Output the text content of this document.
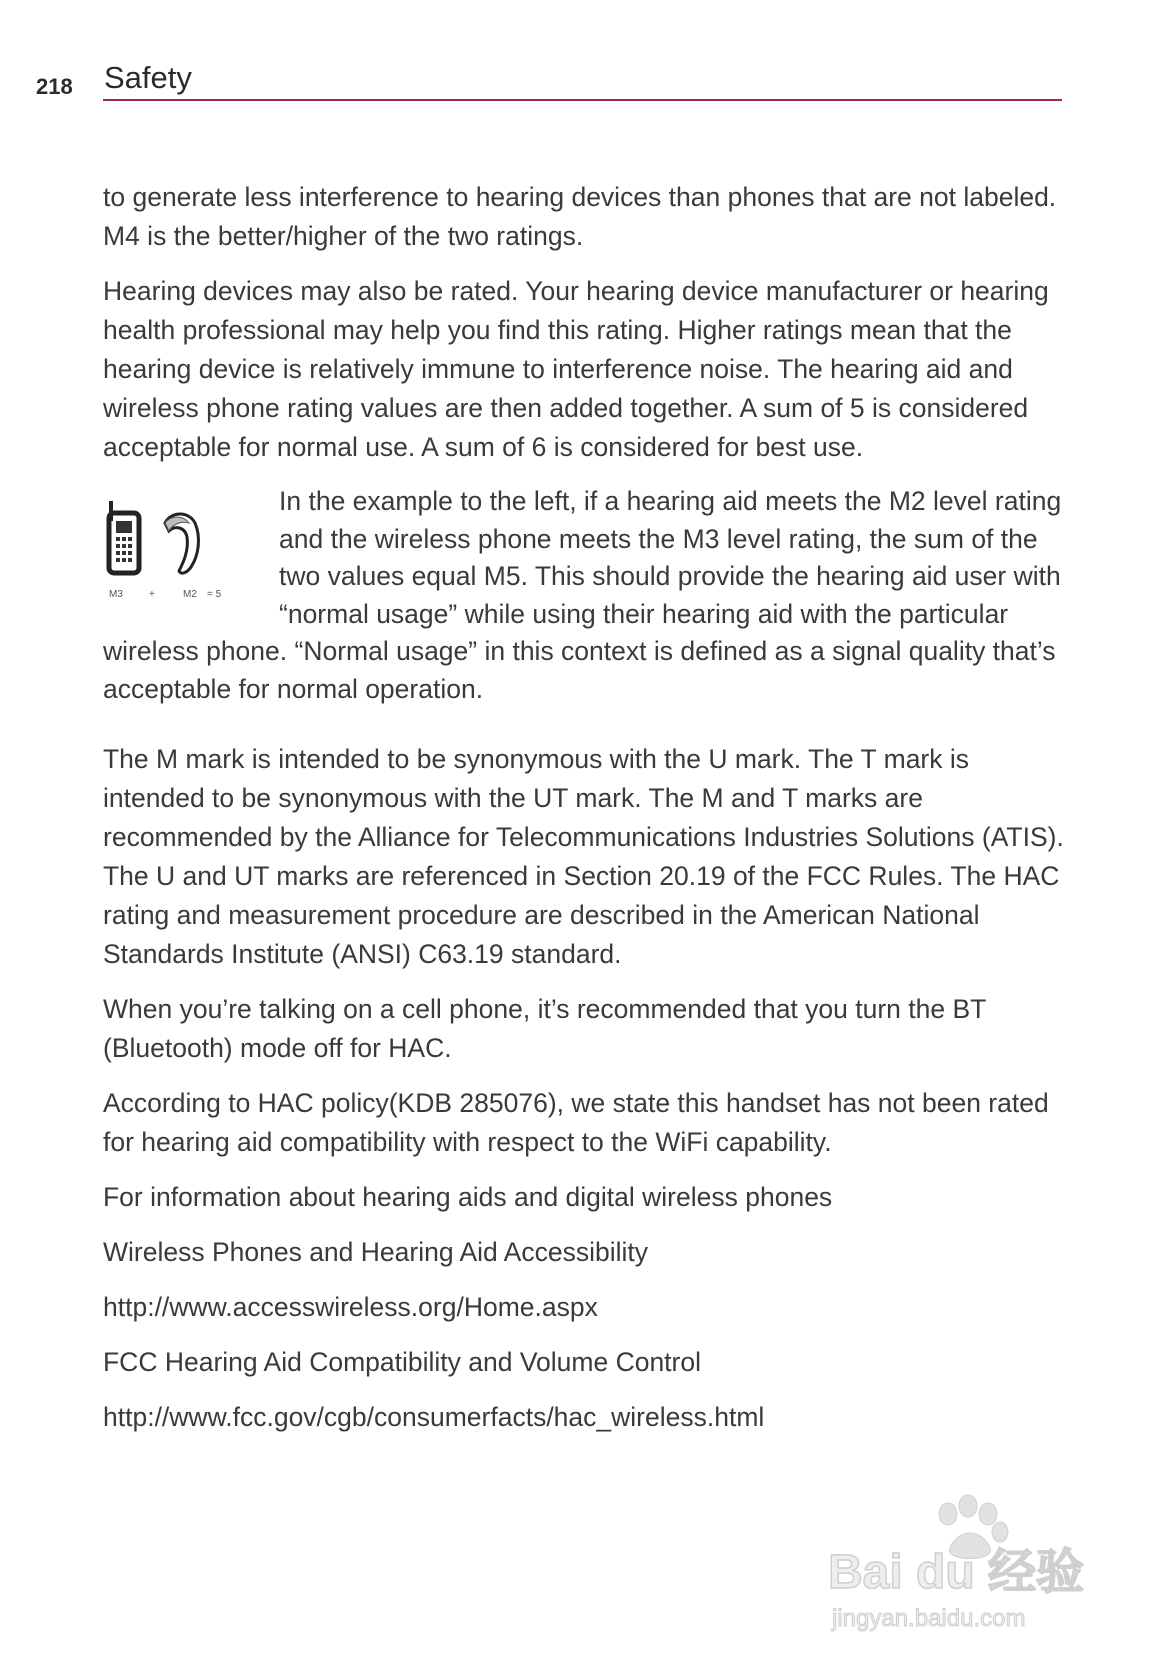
218 Safety

to generate less interference to hearing devices than phones that are not labeled. M4 is the better/higher of the two ratings.

Hearing devices may also be rated. Your hearing device manufacturer or hearing health professional may help you find this rating. Higher ratings mean that the hearing device is relatively immune to interference noise. The hearing aid and wireless phone rating values are then added together. A sum of 5 is considered acceptable for normal use. A sum of 6 is considered for best use.

M3	+	M2 = 5

In the example to the left, if a hearing aid meets the M2 level rating and the wireless phone meets the M3 level rating, the sum of the two values equal M5. This should provide the hearing aid user with “normal usage” while using their hearing aid with the particular wireless phone. “Normal usage” in this context is defined as a signal quality that’s acceptable for normal operation.

The M mark is intended to be synonymous with the U mark. The T mark is intended to be synonymous with the UT mark. The M and T marks are recommended by the Alliance for Telecommunications Industries Solutions (ATIS). The U and UT marks are referenced in Section 20.19 of the FCC Rules. The HAC rating and measurement procedure are described in the American National Standards Institute (ANSI) C63.19 standard.

When you’re talking on a cell phone, it’s recommended that you turn the BT (Bluetooth) mode off for HAC.

According to HAC policy(KDB 285076), we state this handset has not been rated for hearing aid compatibility with respect to the WiFi capability.

For information about hearing aids and digital wireless phones

Wireless Phones and Hearing Aid Accessibility

http://www.accesswireless.org/Home.aspx

FCC Hearing Aid Compatibility and Volume Control

http://www.fcc.gov/cgb/consumerfacts/hac_wireless.html

Bai du 经验
jingyan.baidu.com
